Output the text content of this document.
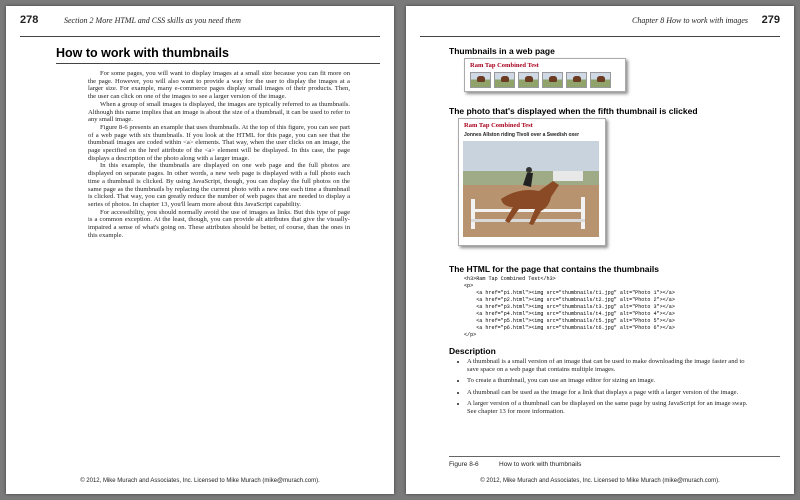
278	Section 2 More HTML and CSS skills as you need them
How to work with thumbnails

For some pages, you will want to display images at a small size because you can fit more on the page. However, you will also want to provide a way for the user to display the images at a larger size. For example, many e-commerce pages display small images of their products. Then, the user can click on one of the images to see a larger version of the image.

When a group of small images is displayed, the images are typically referred to as thumbnails. Although this name implies that an image is about the size of a thumbnail, it can be used to refer to any small image.

Figure 8-6 presents an example that uses thumbnails. At the top of this figure, you can see part of a web page with six thumbnails. If you look at the HTML for this page, you can see that the thumbnail images are coded within <a> elements. That way, when the user clicks on an image, the page specified on the href attribute of the <a> element will be displayed. In this case, the page displays a description of the photo along with a larger image.

In this example, the thumbnails are displayed on one web page and the full photos are displayed on separate pages. In other words, a new web page is displayed with a full photo each time a thumbnail is clicked. By using JavaScript, though, you can display the full photos on the same page as the thumbnails by replacing the current photo with a new one each time a thumbnail is clicked. That way, you can greatly reduce the number of web pages that are needed to display a series of photos. In chapter 13, you'll learn more about this JavaScript capability.

For accessibility, you should normally avoid the use of images as links. But this type of page is a common exception. At the least, though, you can provide alt attributes that give the visually-impaired a sense of what's going on. These attributes should be better, of course, than the ones in this example.

© 2012, Mike Murach and Associates, Inc. Licensed to Mike Murach (mike@murach.com).
Chapter 8 How to work with images 279
Thumbnails in a web page
Ram Tap Combined Test
The photo that's displayed when the fifth thumbnail is clicked
Ram Tap Combined Test
Jonnes Allston riding Tivoli over a Swedish oxer
The HTML for the page that contains the thumbnails
<h3>Ram Tap Combined Test</h3>
<p>
<a href="p1.html"><img src="thumbnails/t1.jpg" alt="Photo 1"></a>
<a href="p2.html"><img src="thumbnails/t2.jpg" alt="Photo 2"></a>
<a href="p3.html"><img src="thumbnails/t3.jpg" alt="Photo 3"></a>
<a href="p4.html"><img src="thumbnails/t4.jpg" alt="Photo 4"></a>
<a href="p5.html"><img src="thumbnails/t5.jpg" alt="Photo 5"></a>
<a href="p6.html"><img src="thumbnails/t6.jpg" alt="Photo 6"></a>
</p>
Description
• A thumbnail is a small version of an image that can be used to make downloading the image faster and to save space on a web page that contains multiple images.
• To create a thumbnail, you can use an image editor for sizing an image.
• A thumbnail can be used as the image for a link that displays a page with a larger version of the image.
• A larger version of a thumbnail can be displayed on the same page by using JavaScript for an image swap. See chapter 13 for more information.
Figure 8-6	How to work with thumbnails
© 2012, Mike Murach and Associates, Inc. Licensed to Mike Murach (mike@murach.com).
